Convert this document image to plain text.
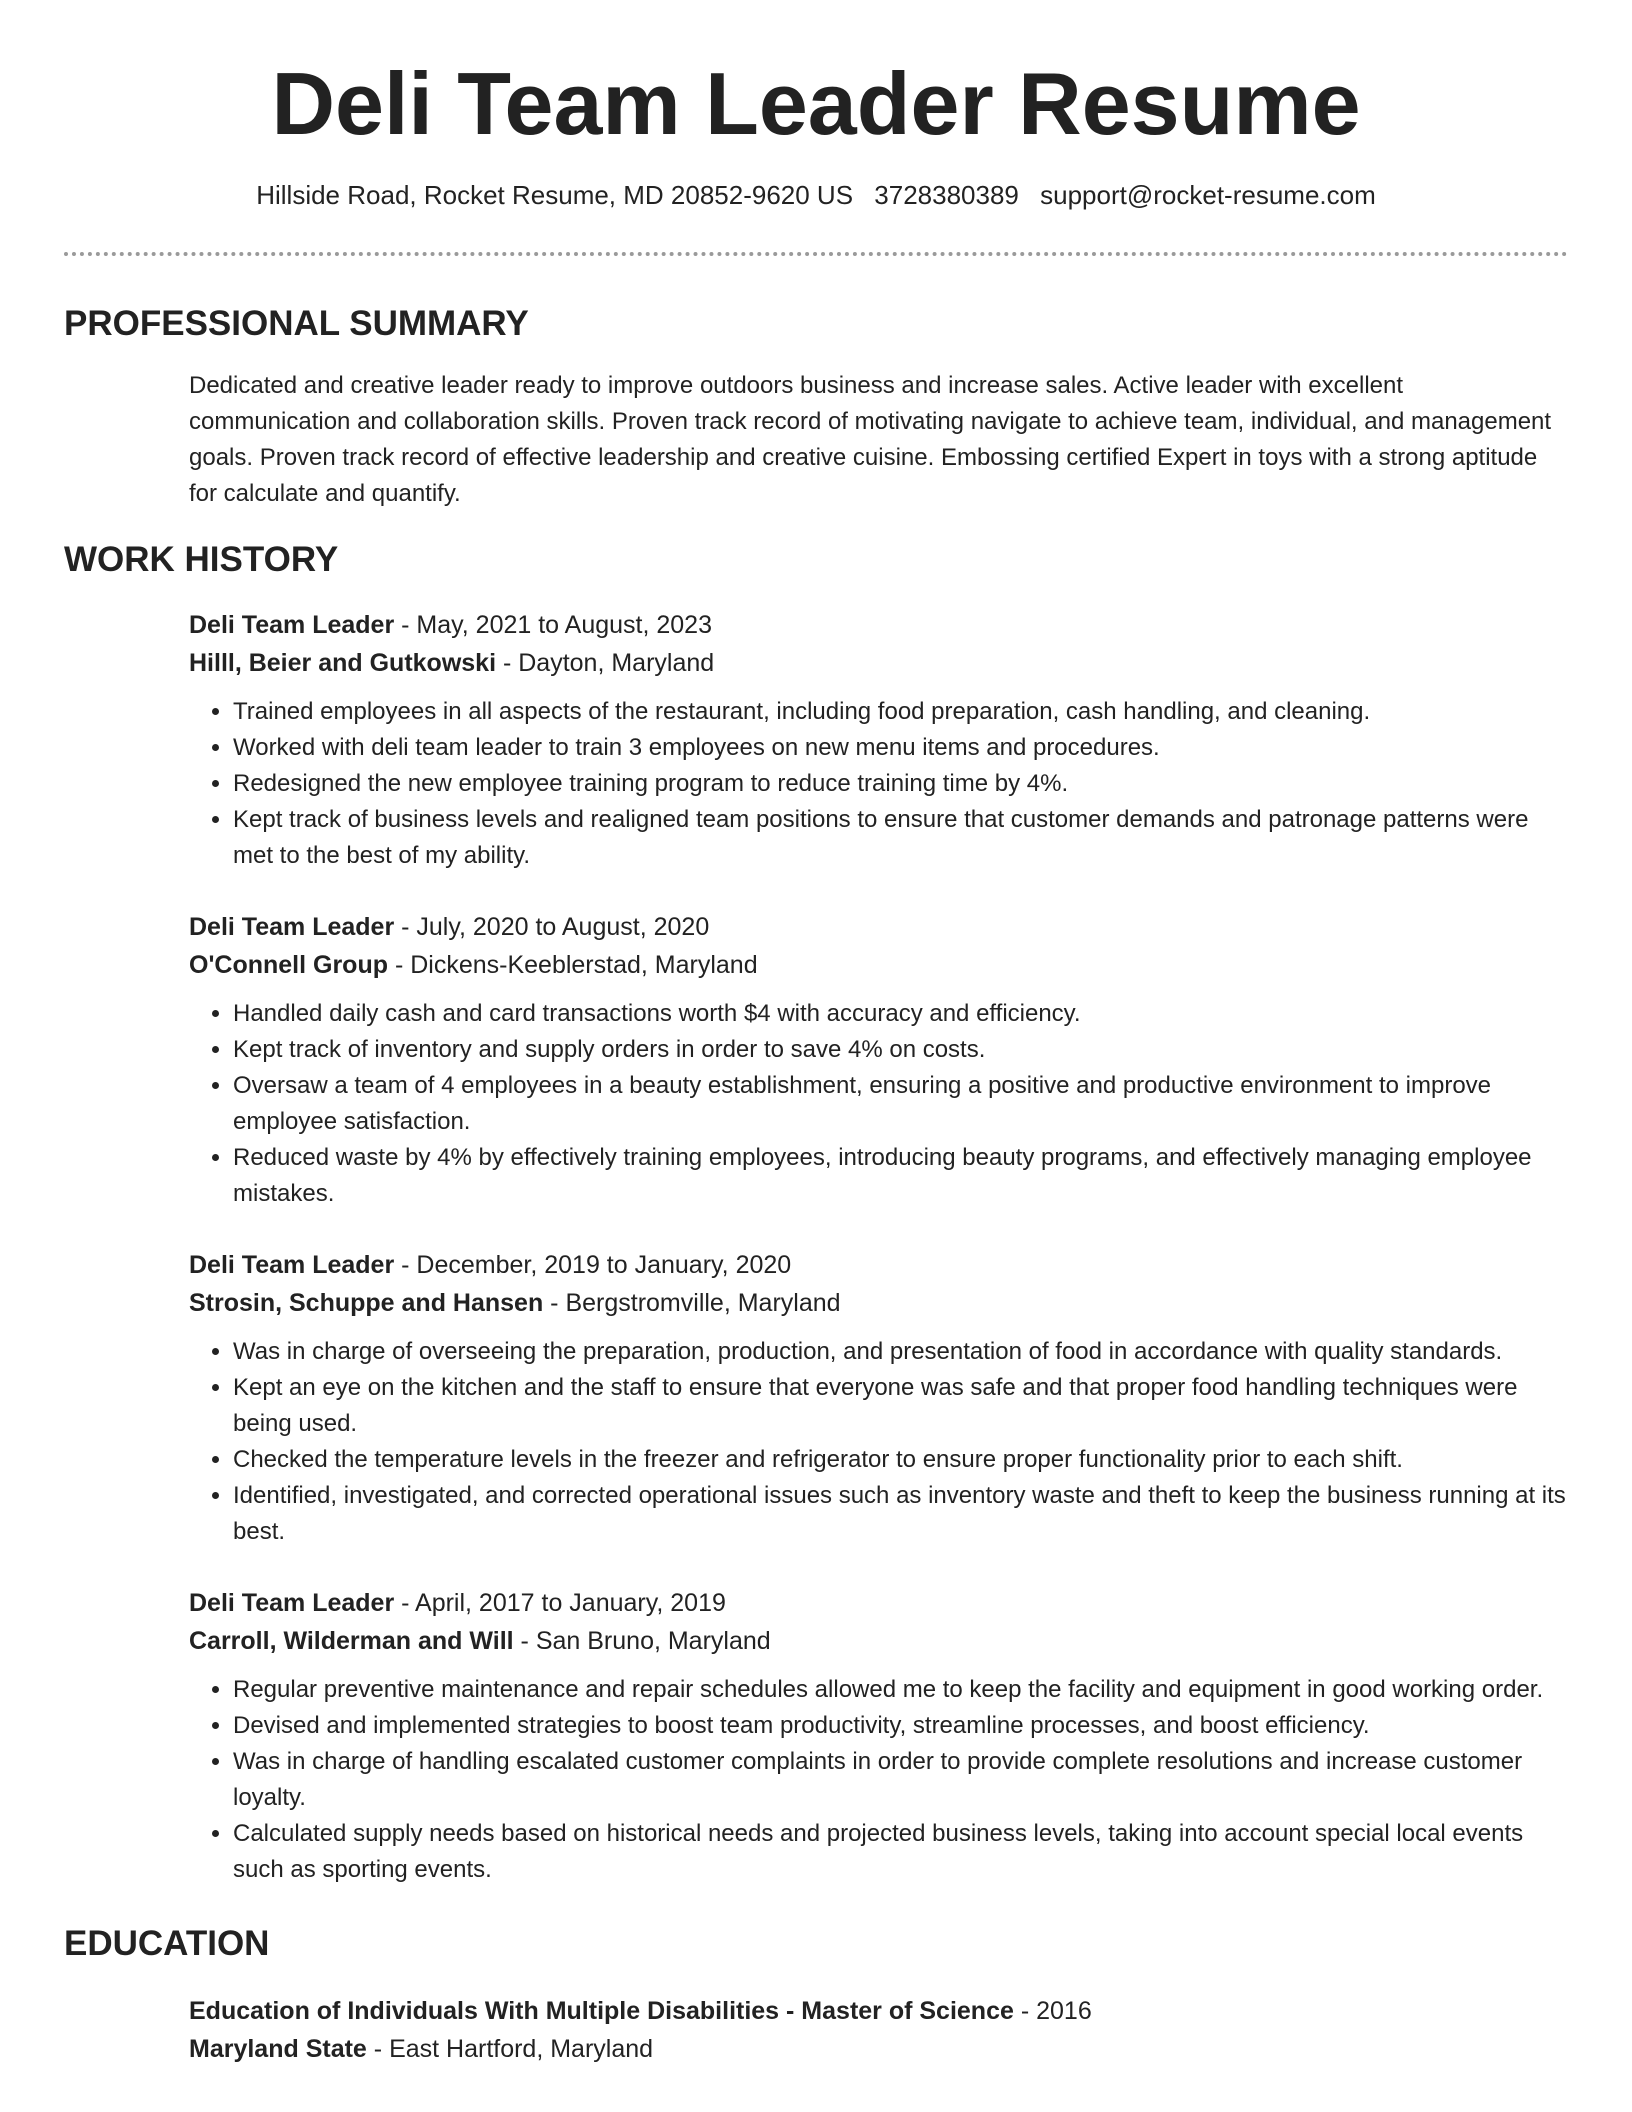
Deli Team Leader Resume
Hillside Road, Rocket Resume, MD 20852-9620 US 3728380389 support@rocket-resume.com
PROFESSIONAL SUMMARY
Dedicated and creative leader ready to improve outdoors business and increase sales. Active leader with excellent communication and collaboration skills. Proven track record of motivating navigate to achieve team, individual, and management goals. Proven track record of effective leadership and creative cuisine. Embossing certified Expert in toys with a strong aptitude for calculate and quantify.
WORK HISTORY
Deli Team Leader - May, 2021 to August, 2023
Hilll, Beier and Gutkowski - Dayton, Maryland
• Trained employees in all aspects of the restaurant, including food preparation, cash handling, and cleaning.
• Worked with deli team leader to train 3 employees on new menu items and procedures.
• Redesigned the new employee training program to reduce training time by 4%.
• Kept track of business levels and realigned team positions to ensure that customer demands and patronage patterns were met to the best of my ability.
Deli Team Leader - July, 2020 to August, 2020
O'Connell Group - Dickens-Keeblerstad, Maryland
• Handled daily cash and card transactions worth $4 with accuracy and efficiency.
• Kept track of inventory and supply orders in order to save 4% on costs.
• Oversaw a team of 4 employees in a beauty establishment, ensuring a positive and productive environment to improve employee satisfaction.
• Reduced waste by 4% by effectively training employees, introducing beauty programs, and effectively managing employee mistakes.
Deli Team Leader - December, 2019 to January, 2020
Strosin, Schuppe and Hansen - Bergstromville, Maryland
• Was in charge of overseeing the preparation, production, and presentation of food in accordance with quality standards.
• Kept an eye on the kitchen and the staff to ensure that everyone was safe and that proper food handling techniques were being used.
• Checked the temperature levels in the freezer and refrigerator to ensure proper functionality prior to each shift.
• Identified, investigated, and corrected operational issues such as inventory waste and theft to keep the business running at its best.
Deli Team Leader - April, 2017 to January, 2019
Carroll, Wilderman and Will - San Bruno, Maryland
• Regular preventive maintenance and repair schedules allowed me to keep the facility and equipment in good working order.
• Devised and implemented strategies to boost team productivity, streamline processes, and boost efficiency.
• Was in charge of handling escalated customer complaints in order to provide complete resolutions and increase customer loyalty.
• Calculated supply needs based on historical needs and projected business levels, taking into account special local events such as sporting events.
EDUCATION
Education of Individuals With Multiple Disabilities - Master of Science - 2016
Maryland State - East Hartford, Maryland
